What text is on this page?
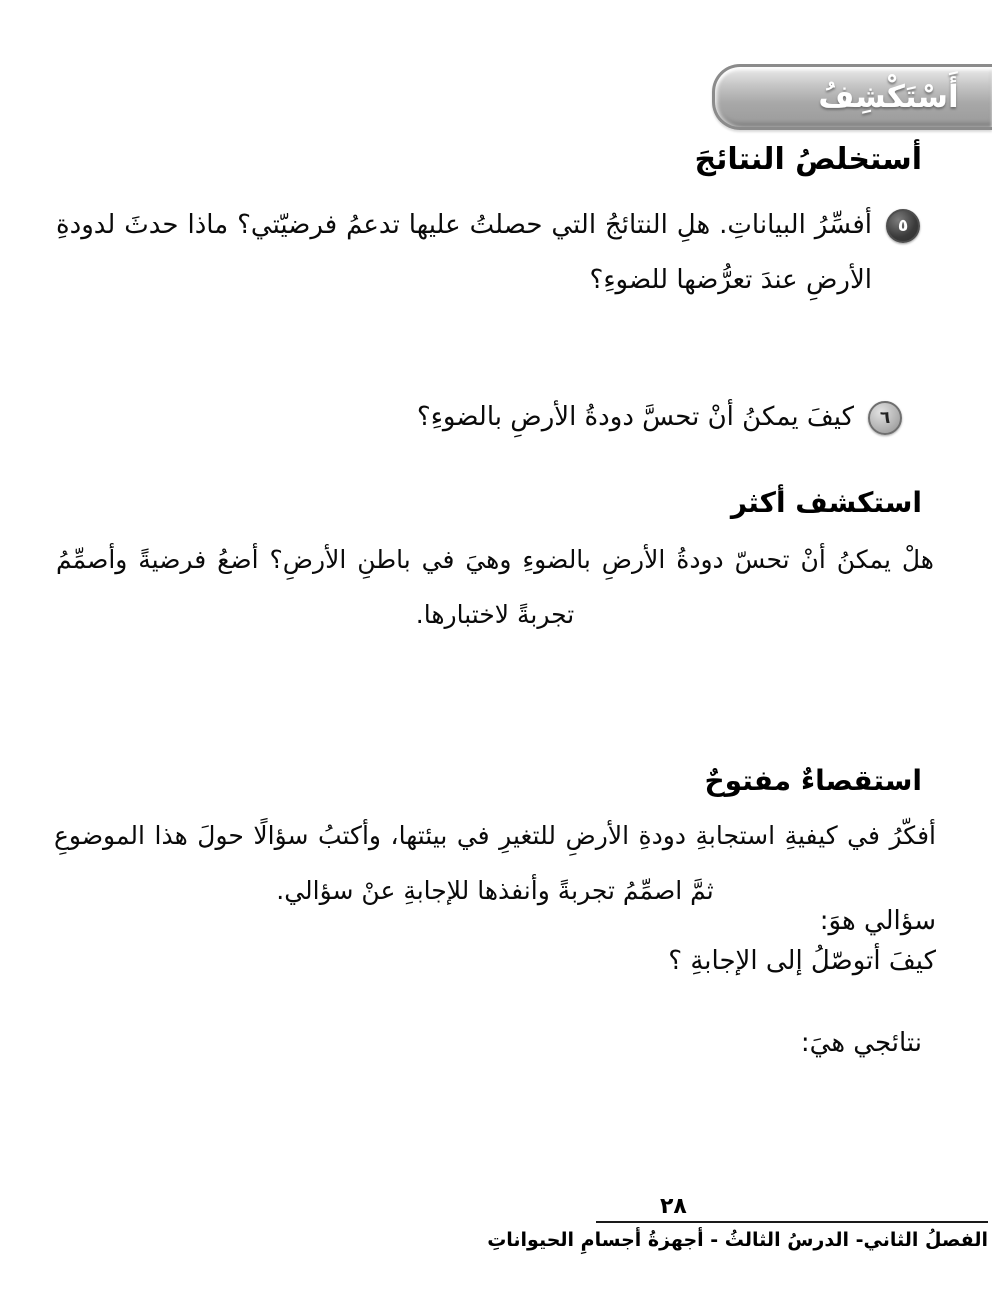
أَسْتَكْشِفُ
أستخلصُ النتائجَ
٥

أفسِّرُ البياناتِ. هلِ النتائجُ التي حصلتُ عليها تدعمُ فرضيّتي؟ ماذا حدثَ لدودةِ الأرضِ عندَ تعرُّضها للضوءِ؟

٦

كيفَ يمكنُ أنْ تحسَّ دودةُ الأرضِ بالضوءِ؟

استكشف أكثر

هلْ يمكنُ أنْ تحسّ دودةُ الأرضِ بالضوءِ وهيَ في باطنِ الأرضِ؟ أضعُ فرضيةً وأصمِّمُ تجربةً لاختبارها.

استقصاءٌ مفتوحٌ

أفكّرُ في كيفيةِ استجابةِ دودةِ الأرضِ للتغيرِ في بيئتها، وأكتبُ سؤالًا حولَ هذا الموضوعِ ثمَّ اصمِّمُ تجربةً وأنفذها للإجابةِ عنْ سؤالي.

سؤالي هوَ:
كيفَ أتوصّلُ إلى الإجابةِ ؟
نتائجي هيَ:
٢٨
الفصلُ الثاني- الدرسُ الثالثُ - أجهزةُ أجسامِ الحيواناتِ
